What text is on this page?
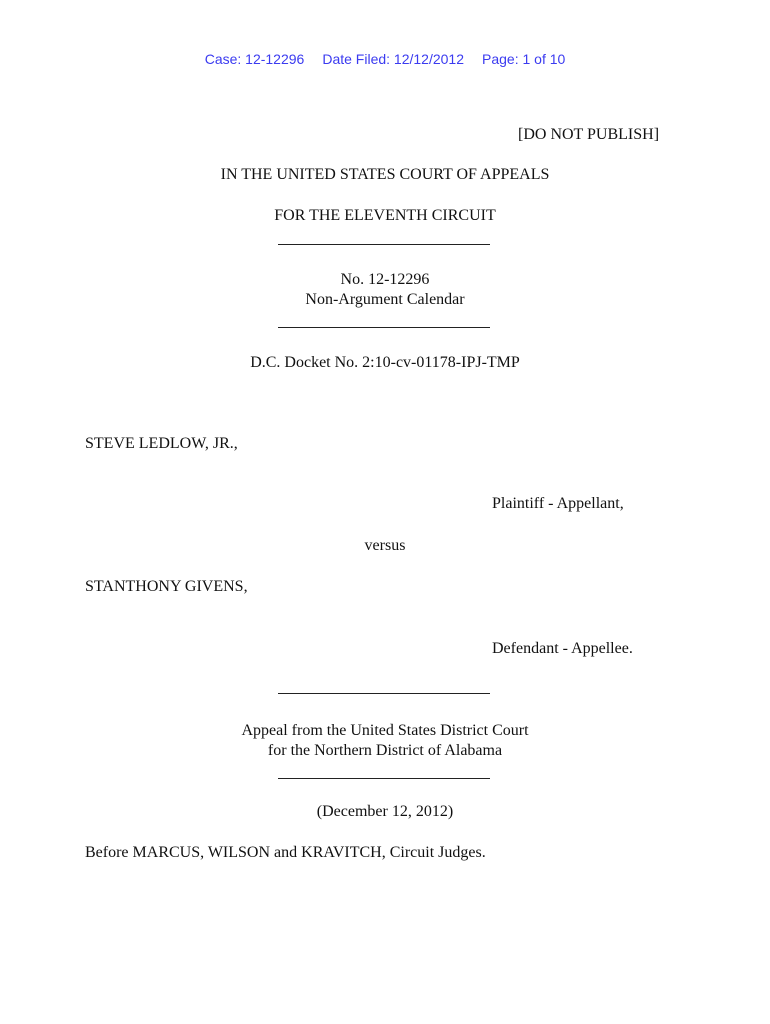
Case: 12-12296 Date Filed: 12/12/2012 Page: 1 of 10
[DO NOT PUBLISH]
IN THE UNITED STATES COURT OF APPEALS
FOR THE ELEVENTH CIRCUIT
No. 12-12296
Non-Argument Calendar
D.C. Docket No. 2:10-cv-01178-IPJ-TMP
STEVE LEDLOW, JR.,
Plaintiff - Appellant,
versus
STANTHONY GIVENS,
Defendant - Appellee.
Appeal from the United States District Court
for the Northern District of Alabama
(December 12, 2012)
Before MARCUS, WILSON and KRAVITCH, Circuit Judges.
